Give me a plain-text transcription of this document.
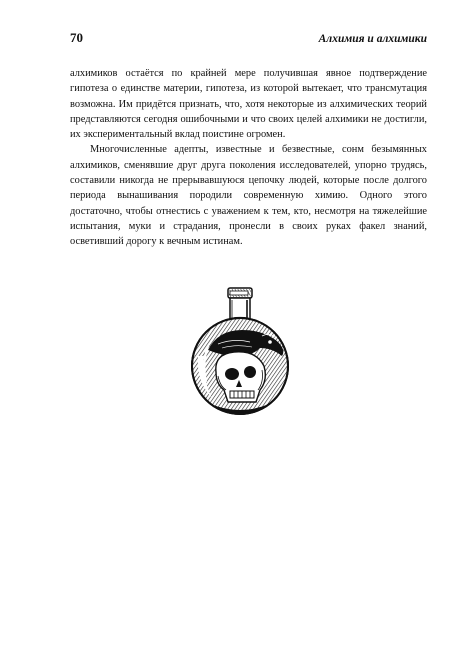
70	Алхимия и алхимики

алхимиков остаётся по крайней мере получившая явное подтверждение гипотеза о единстве материи, гипотеза, из которой вытекает, что трансмутация возможна. Им придётся признать, что, хотя некоторые из алхимических теорий представляются сегодня ошибочными и что своих целей алхимики не достигли, их экспериментальный вклад поистине огромен.

Многочисленные адепты, известные и безвестные, сонм безымянных алхимиков, сменявшие друг друга поколения исследователей, упорно трудясь, составили никогда не прерывавшуюся цепочку людей, которые после долгого периода вынашивания породили современную химию. Одного этого достаточно, чтобы отнестись с уважением к тем, кто, несмотря на тяжелейшие испытания, муки и страдания, пронесли в своих руках факел знаний, осветивший дорогу к вечным истинам.
